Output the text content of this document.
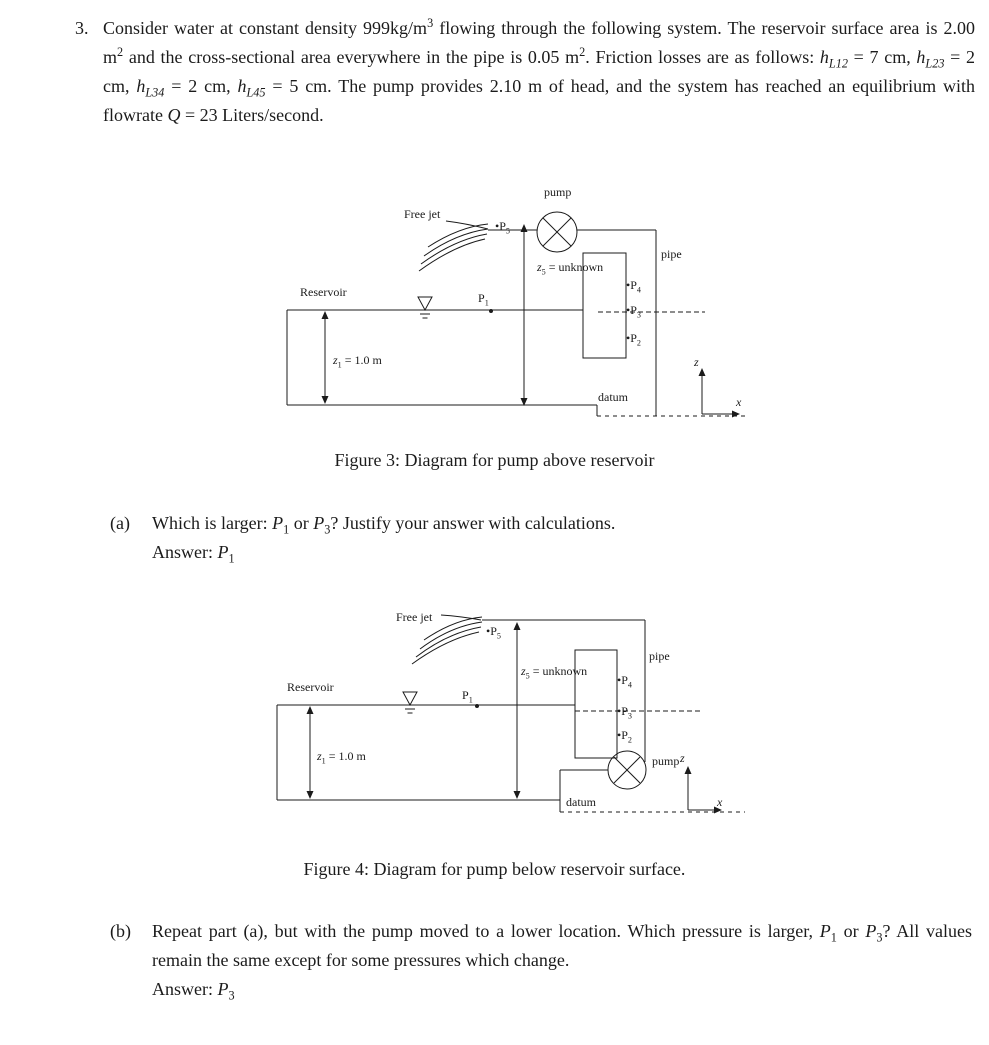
3. Consider water at constant density $999kg/m^3$ flowing through the following system. The reservoir surface area is 2.00 $m^2$ and the cross-sectional area everywhere in the pipe is 0.05 $m^2$. Friction losses are as follows: $h_{L12} = 7$ cm, $h_{L23} = 2$ cm, $h_{L34} = 2$ cm, $h_{L45} = 5$ cm. The pump provides 2.10 m of head, and the system has reached an equilibrium with flowrate Q = 23 Liters/second.
pump
Free jet
$•P_5$
$z_5$ = unknown
pipe
$•P_4$
$•P_3$
$•P_2$
Reservoir	$P_1$
$z_1 = 1.0$ m
datum
z
x
Figure 3: Diagram for pump above reservoir
(a)	Which is larger: $P_1$ or $P_3$? Justify your answer with calculations.
Answer: $P_1$
Free jet
$•P_5$
$z_5$ = unknown
pipe
$•P_4$
$•P_3$
$•P_2$
Reservoir
$P_1$
$z_1 = 1.0$ m	pump
datum
z
x
Figure 4: Diagram for pump below reservoir surface.
(b)	Repeat part (a), but with the pump moved to a lower location. Which pressure is larger, $P_1$ or $P_3$? All values remain the same except for some pressures which change.
Answer: $P_3$
